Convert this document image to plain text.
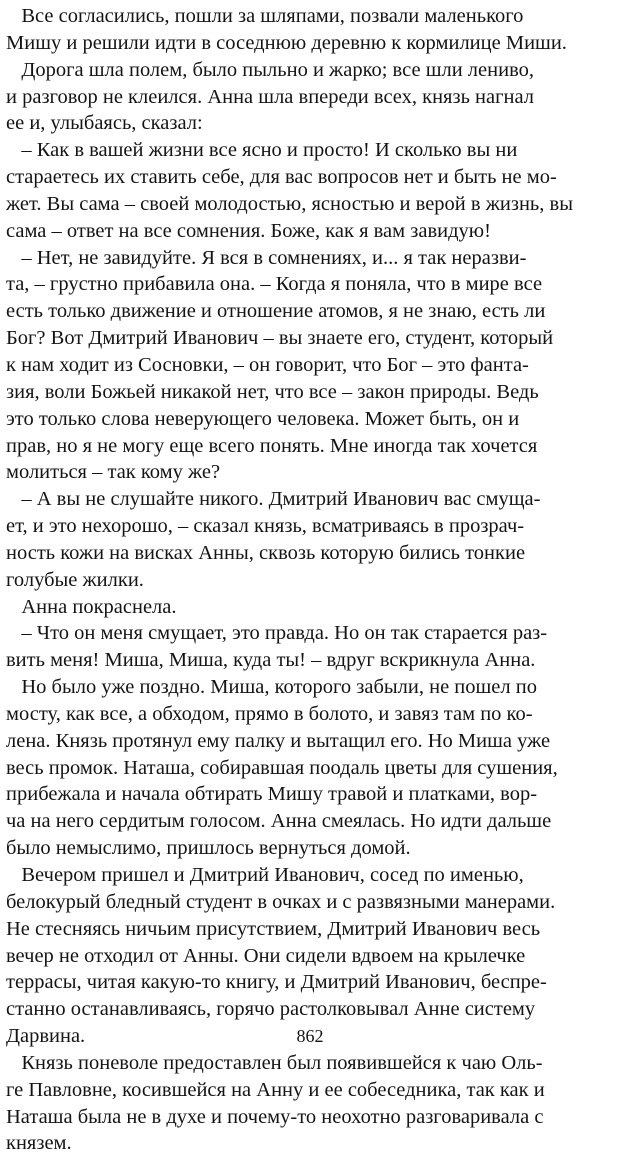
Все согласились, пошли за шляпами, позвали маленького
Мишу и решили идти в соседнюю деревню к кормилице Миши.
Дорога шла полем, было пыльно и жарко; все шли лениво,
и разговор не клеился. Анна шла впереди всех, князь нагнал
ее и, улыбаясь, сказал:
– Как в вашей жизни все ясно и просто! И сколько вы ни
стараетесь их ставить себе, для вас вопросов нет и быть не мо-
жет. Вы сама – своей молодостью, ясностью и верой в жизнь, вы
сама – ответ на все сомнения. Боже, как я вам завидую!
– Нет, не завидуйте. Я вся в сомнениях, и... я так неразви-
та, – грустно прибавила она. – Когда я поняла, что в мире все
есть только движение и отношение атомов, я не знаю, есть ли
Бог? Вот Дмитрий Иванович – вы знаете его, студент, который
к нам ходит из Сосновки, – он говорит, что Бог – это фанта-
зия, воли Божьей никакой нет, что все – закон природы. Ведь
это только слова неверующего человека. Может быть, он и
прав, но я не могу еще всего понять. Мне иногда так хочется
молиться – так кому же?
– А вы не слушайте никого. Дмитрий Иванович вас смуща-
ет, и это нехорошо, – сказал князь, всматриваясь в прозрач-
ность кожи на висках Анны, сквозь которую бились тонкие
голубые жилки.
Анна покраснела.
– Что он меня смущает, это правда. Но он так старается раз-
вить меня! Миша, Миша, куда ты! – вдруг вскрикнула Анна.
Но было уже поздно. Миша, которого забыли, не пошел по
мосту, как все, а обходом, прямо в болото, и завяз там по ко-
лена. Князь протянул ему палку и вытащил его. Но Миша уже
весь промок. Наташа, собиравшая поодаль цветы для сушения,
прибежала и начала обтирать Мишу травой и платками, вор-
ча на него сердитым голосом. Анна смеялась. Но идти дальше
было немыслимо, пришлось вернуться домой.
Вечером пришел и Дмитрий Иванович, сосед по именью,
белокурый бледный студент в очках и с развязными манерами.
Не стесняясь ничьим присутствием, Дмитрий Иванович весь
вечер не отходил от Анны. Они сидели вдвоем на крылечке
террасы, читая какую-то книгу, и Дмитрий Иванович, беспре-
станно останавливаясь, горячо растолковывал Анне систему
Дарвина.
Князь поневоле предоставлен был появившейся к чаю Оль-
ге Павловне, косившейся на Анну и ее собеседника, так как и
Наташа была не в духе и почему-то неохотно разговаривала с
князем.
862
